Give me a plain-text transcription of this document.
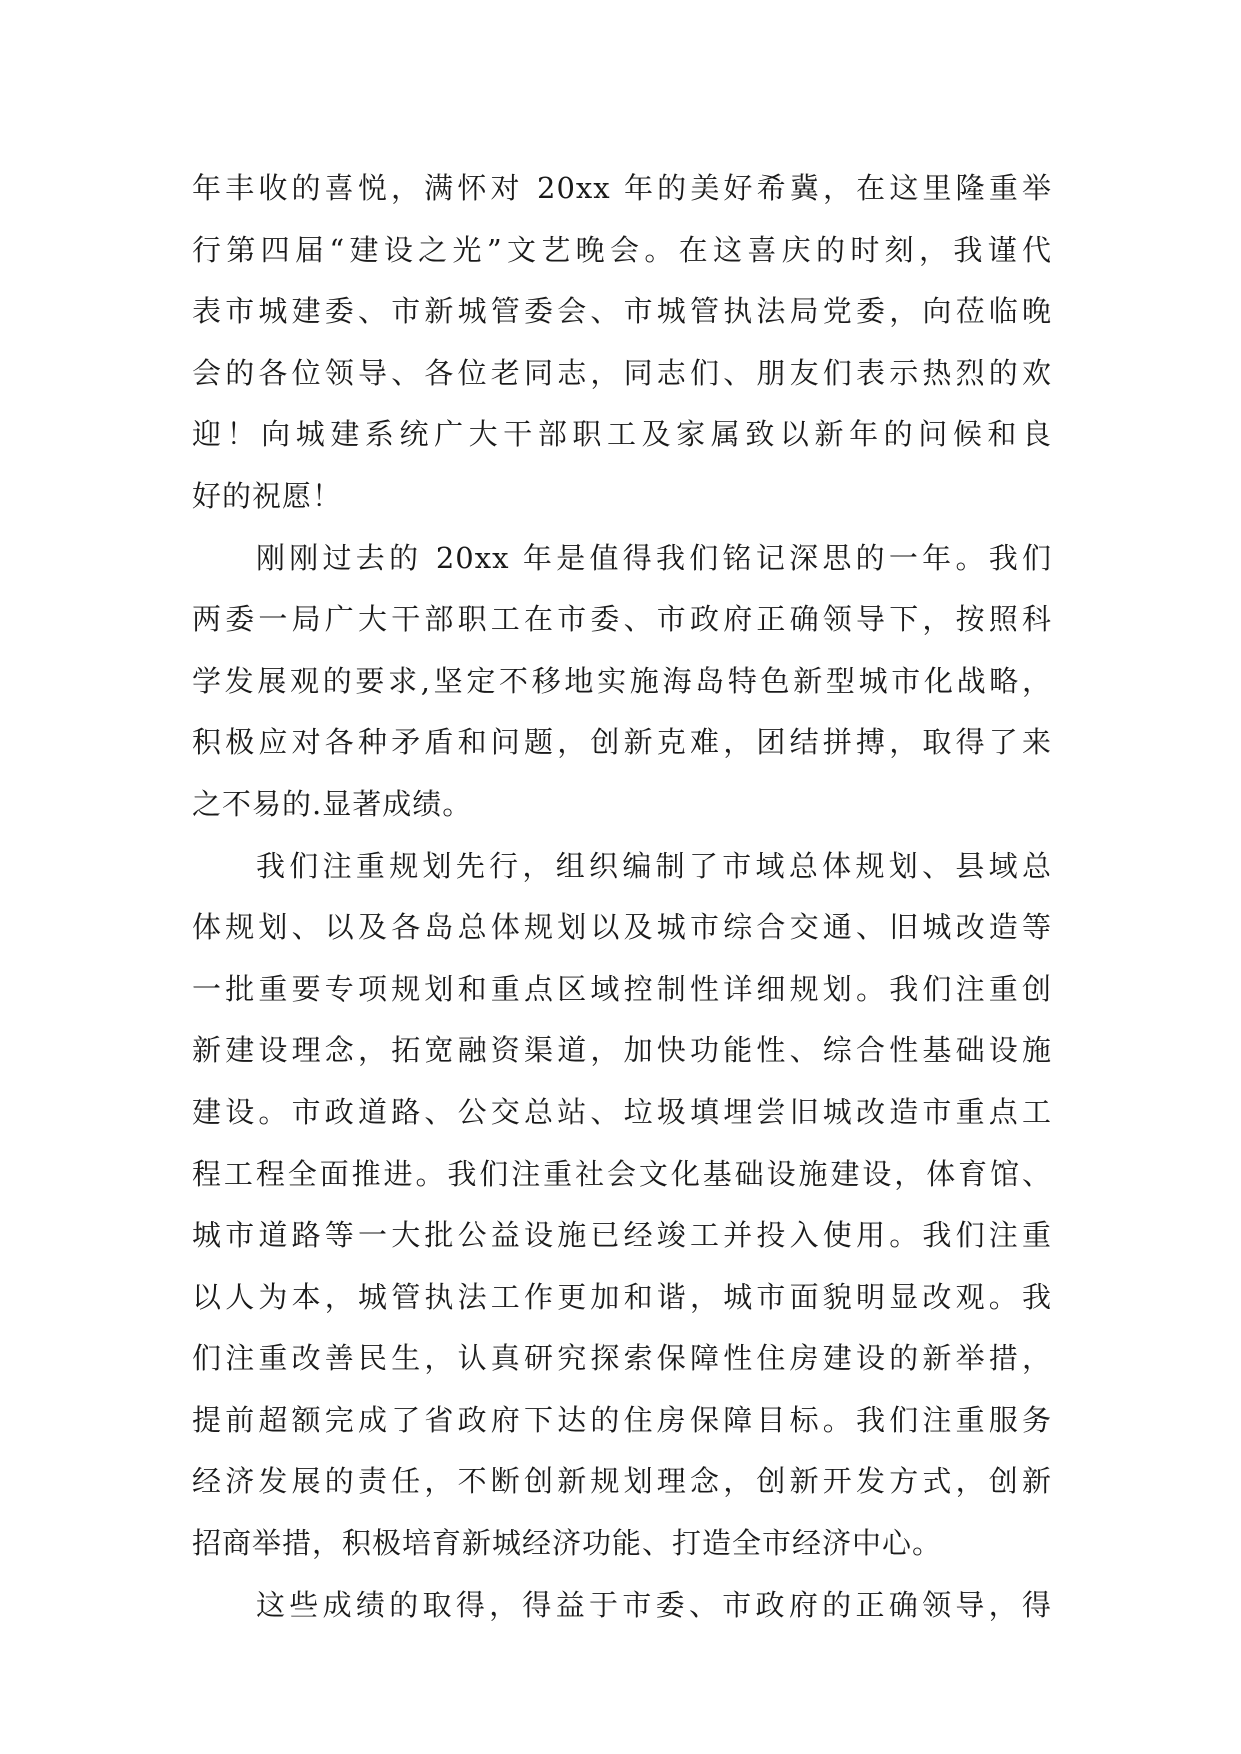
年丰收的喜悦，满怀对 20xx 年的美好希冀，在这里隆重举
行第四届“建设之光”文艺晚会。在这喜庆的时刻，我谨代
表市城建委、市新城管委会、市城管执法局党委，向莅临晚
会的各位领导、各位老同志，同志们、朋友们表示热烈的欢
迎！向城建系统广大干部职工及家属致以新年的问候和良
好的祝愿！
刚刚过去的 20xx 年是值得我们铭记深思的一年。我们
两委一局广大干部职工在市委、市政府正确领导下，按照科
学发展观的要求,坚定不移地实施海岛特色新型城市化战略，
积极应对各种矛盾和问题，创新克难，团结拼搏，取得了来
之不易的.显著成绩。
我们注重规划先行，组织编制了市域总体规划、县域总
体规划、以及各岛总体规划以及城市综合交通、旧城改造等
一批重要专项规划和重点区域控制性详细规划。我们注重创
新建设理念，拓宽融资渠道，加快功能性、综合性基础设施
建设。市政道路、公交总站、垃圾填埋尝旧城改造市重点工
程工程全面推进。我们注重社会文化基础设施建设，体育馆、
城市道路等一大批公益设施已经竣工并投入使用。我们注重
以人为本，城管执法工作更加和谐，城市面貌明显改观。我
们注重改善民生，认真研究探索保障性住房建设的新举措，
提前超额完成了省政府下达的住房保障目标。我们注重服务
经济发展的责任，不断创新规划理念，创新开发方式，创新
招商举措，积极培育新城经济功能、打造全市经济中心。
这些成绩的取得，得益于市委、市政府的正确领导，得
